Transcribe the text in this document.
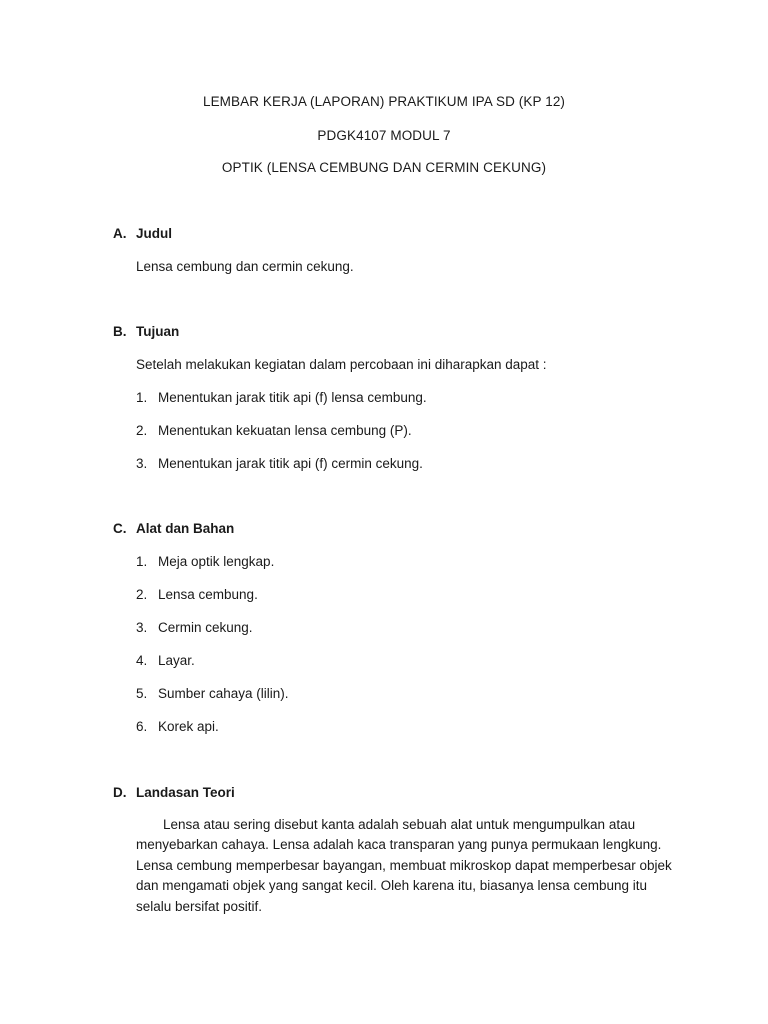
LEMBAR KERJA (LAPORAN) PRAKTIKUM IPA SD (KP 12)
PDGK4107 MODUL 7
OPTIK (LENSA CEMBUNG DAN CERMIN CEKUNG)
A. Judul
Lensa cembung dan cermin cekung.
B. Tujuan
Setelah melakukan kegiatan dalam percobaan ini diharapkan dapat :
1. Menentukan jarak titik api (f) lensa cembung.
2. Menentukan kekuatan lensa cembung (P).
3. Menentukan jarak titik api (f) cermin cekung.
C. Alat dan Bahan
1. Meja optik lengkap.
2. Lensa cembung.
3. Cermin cekung.
4. Layar.
5. Sumber cahaya (lilin).
6. Korek api.
D. Landasan Teori
Lensa atau sering disebut kanta adalah sebuah alat untuk mengumpulkan atau menyebarkan cahaya. Lensa adalah kaca transparan yang punya permukaan lengkung. Lensa cembung memperbesar bayangan, membuat mikroskop dapat memperbesar objek dan mengamati objek yang sangat kecil. Oleh karena itu, biasanya lensa cembung itu selalu bersifat positif.
